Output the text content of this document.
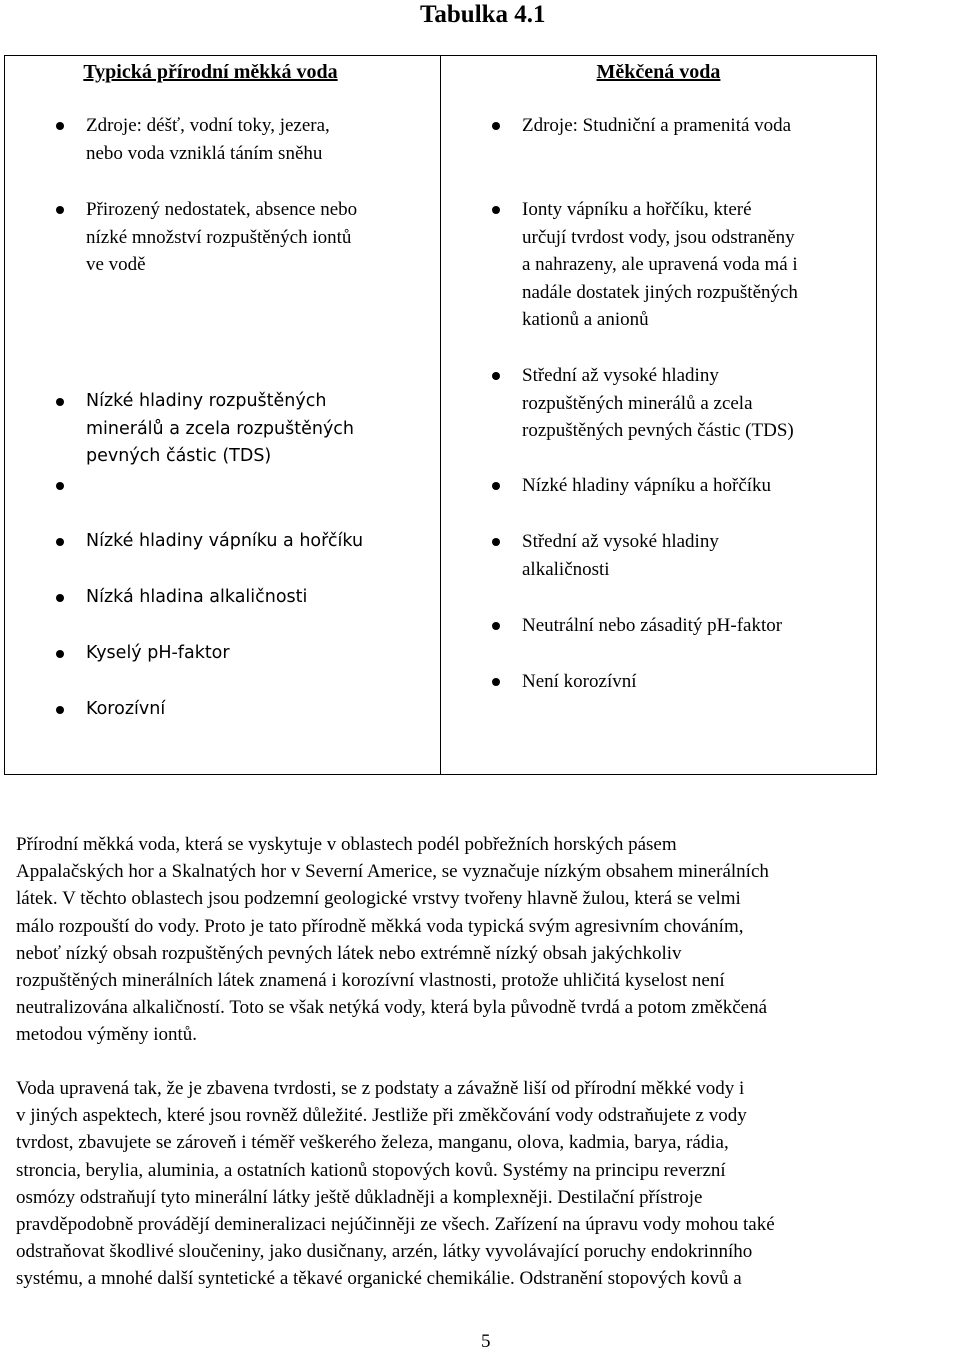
Tabulka 4.1
Typická přírodní měkká voda
Zdroje: déšť, vodní toky, jezera,
nebo voda vzniklá táním sněhu
Přirozený nedostatek, absence nebo
nízké množství rozpuštěných iontů
ve vodě
Nízké hladiny rozpuštěných
minerálů a zcela rozpuštěných
pevných částic (TDS)
Nízké hladiny vápníku a hořčíku
Nízká hladina alkaličnosti
Kyselý pH-faktor
Korozívní
Měkčená voda
Zdroje: Studniční a pramenitá voda
Ionty vápníku a hořčíku, které
určují tvrdost vody, jsou odstraněny
a nahrazeny, ale upravená voda má i
nadále dostatek jiných rozpuštěných
kationů a anionů
Střední až vysoké hladiny
rozpuštěných minerálů a zcela
rozpuštěných pevných částic (TDS)
Nízké hladiny vápníku a hořčíku
Střední až vysoké hladiny
alkaličnosti
Neutrální nebo zásaditý pH-faktor
Není korozívní
Přírodní měkká voda, která se vyskytuje v oblastech podél pobřežních horských pásem
Appalačských hor a Skalnatých hor v Severní Americe, se vyznačuje nízkým obsahem minerálních
látek. V těchto oblastech jsou podzemní geologické vrstvy tvořeny hlavně žulou, která se velmi
málo rozpouští do vody. Proto je tato přírodně měkká voda typická svým agresivním chováním,
neboť nízký obsah rozpuštěných pevných látek nebo extrémně nízký obsah jakýchkoliv
rozpuštěných minerálních látek znamená i korozívní vlastnosti, protože uhličitá kyselost není
neutralizována alkaličností. Toto se však netýká vody, která byla původně tvrdá a potom změkčená
metodou výměny iontů.
Voda upravená tak, že je zbavena tvrdosti, se z podstaty a závažně liší od přírodní měkké vody i
v jiných aspektech, které jsou rovněž důležité. Jestliže při změkčování vody odstraňujete z vody
tvrdost, zbavujete se zároveň i téměř veškerého železa, manganu, olova, kadmia, barya, rádia,
stroncia, berylia, aluminia, a ostatních kationů stopových kovů. Systémy na principu reverzní
osmózy odstraňují tyto minerální látky ještě důkladněji a komplexněji. Destilační přístroje
pravděpodobně provádějí demineralizaci nejúčinněji ze všech. Zařízení na úpravu vody mohou také
odstraňovat škodlivé sloučeniny, jako dusičnany, arzén, látky vyvolávající poruchy endokrinního
systému, a mnohé další syntetické a těkavé organické chemikálie. Odstranění stopových kovů a
5
